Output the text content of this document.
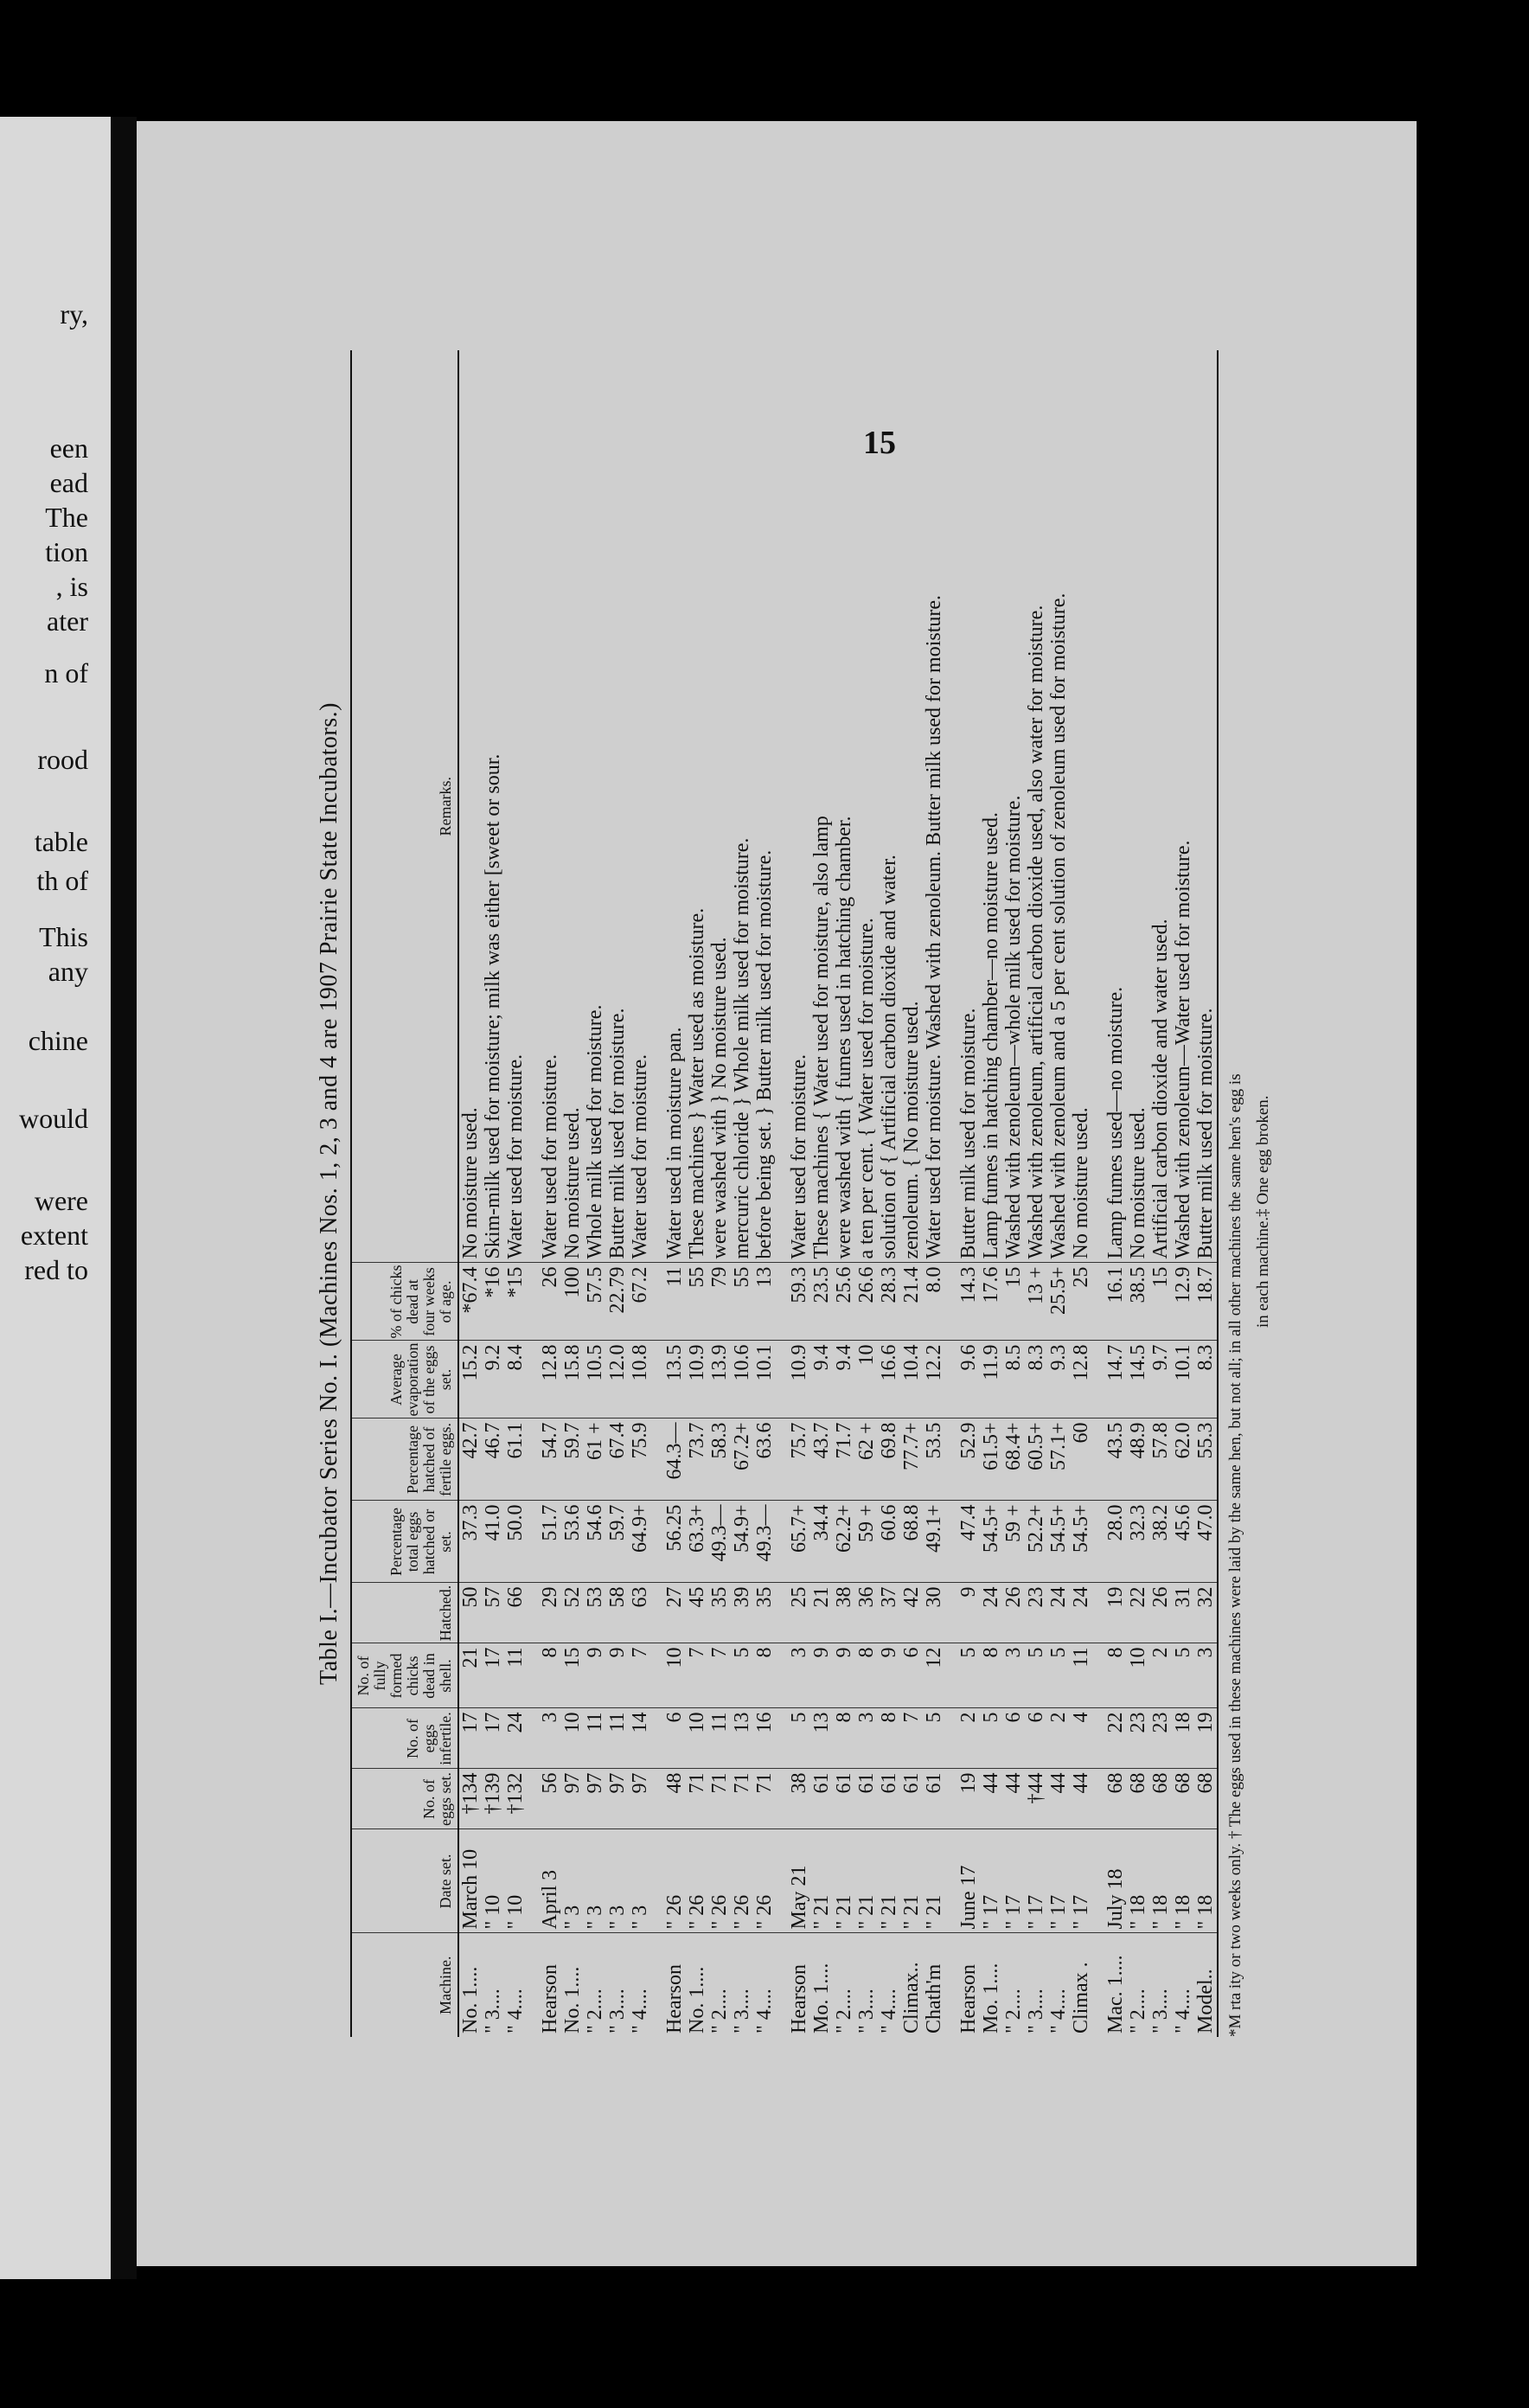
ry,
een
ead
The
tion
, is
ater
n of
rood
table
th of
This
any
chine
would
were
extent
red to
15
Table I.—Incubator Series No. I. (Machines Nos. 1, 2, 3 and 4 are 1907 Prairie State Incubators.)
Machine.	Date set.	No. of eggs set.	No. of eggs infertile.	No. of fully formed chicks dead in shell.	Hatched.	Percentage total eggs hatched or set.	Percentage hatched of fertile eggs.	Average evaporation of the eggs set.	% of chicks dead at four weeks of age.	Remarks.
No. 1....	March 10	†134	17	21	50	37.3	42.7	15.2	*67.4	No moisture used.
" 3....	" 10	†139	17	17	57	41.0	46.7	9.2	*16	Skim-milk used for moisture; milk was either [sweet or sour.
" 4....	" 10	†132	24	11	66	50.0	61.1	8.4	*15	Water used for moisture.

Hearson	April 3	56	3	8	29	51.7	54.7	12.8	26	Water used for moisture.
No. 1....	" 3	97	10	15	52	53.6	59.7	15.8	100	No moisture used.
" 2....	" 3	97	11	9	53	54.6	61 +	10.5	57.5	Whole milk used for moisture.
" 3....	" 3	97	11	9	58	59.7	67.4	12.0	22.79	Butter milk used for moisture.
" 4....	" 3	97	14	7	63	64.9+	75.9	10.8	67.2	Water used for moisture.

Hearson	" 26	48	6	10	27	56.25	64.3—	13.5	11	Water used in moisture pan.
No. 1....	" 26	71	10	7	45	63.3+	73.7	10.9	55	These machines } Water used as moisture.
" 2....	" 26	71	11	7	35	49.3—	58.3	13.9	79	were washed with } No moisture used.
" 3....	" 26	71	13	5	39	54.9+	67.2+	10.6	55	mercuric chloride } Whole milk used for moisture.
" 4....	" 26	71	16	8	35	49.3—	63.6	10.1	13	before being set. } Butter milk used for moisture.

Hearson	May 21	38	5	3	25	65.7+	75.7	10.9	59.3	Water used for moisture.
Mo. 1....	" 21	61	13	9	21	34.4	43.7	9.4	23.5	These machines { Water used for moisture, also lamp
" 2....	" 21	61	8	9	38	62.2+	71.7	9.4	25.6	were washed with { fumes used in hatching chamber.
" 3....	" 21	61	3	8	36	59 +	62 +	10	26.6	a ten per cent. { Water used for moisture.
" 4....	" 21	61	8	9	37	60.6	69.8	16.6	28.3	solution of { Artificial carbon dioxide and water.
Climax..	" 21	61	7	6	42	68.8	77.7+	10.4	21.4	zenoleum. { No moisture used.
Chath'm	" 21	61	5	12	30	49.1+	53.5	12.2	8.0	Water used for moisture. Washed with zenoleum. Butter milk used for moisture.

Hearson	June 17	19	2	5	9	47.4	52.9	9.6	14.3	Butter milk used for moisture.
Mo. 1....	" 17	44	5	8	24	54.5+	61.5+	11.9	17.6	Lamp fumes in hatching chamber—no moisture used.
" 2....	" 17	44	6	3	26	59 +	68.4+	8.5	15	Washed with zenoleum—whole milk used for moisture.
" 3....	" 17	†44	6	5	23	52.2+	60.5+	8.3	13 +	Washed with zenoleum, artificial carbon dioxide used, also water for moisture.
" 4....	" 17	44	2	5	24	54.5+	57.1+	9.3	25.5+	Washed with zenoleum and a 5 per cent solution of zenoleum used for moisture.
Climax .	" 17	44	4	11	24	54.5+	60	12.8	25	No moisture used.

Mac. 1....	July 18	68	22	8	19	28.0	43.5	14.7	16.1	Lamp fumes used—no moisture.
" 2....	" 18	68	23	10	22	32.3	48.9	14.5	38.5	No moisture used.
" 3....	" 18	68	23	2	26	38.2	57.8	9.7	15	Artificial carbon dioxide and water used.
" 4....	" 18	68	18	5	31	45.6	62.0	10.1	12.9	Washed with zenoleum—Water used for moisture.
Model..	" 18	68	19	3	32	47.0	55.3	8.3	18.7	Butter milk used for moisture. *M rta ity or two weeks only. † The eggs used in these machines were laid by the same hen, but not all; in all other machines the same hen's egg is in each machine.‡ One egg broken.
